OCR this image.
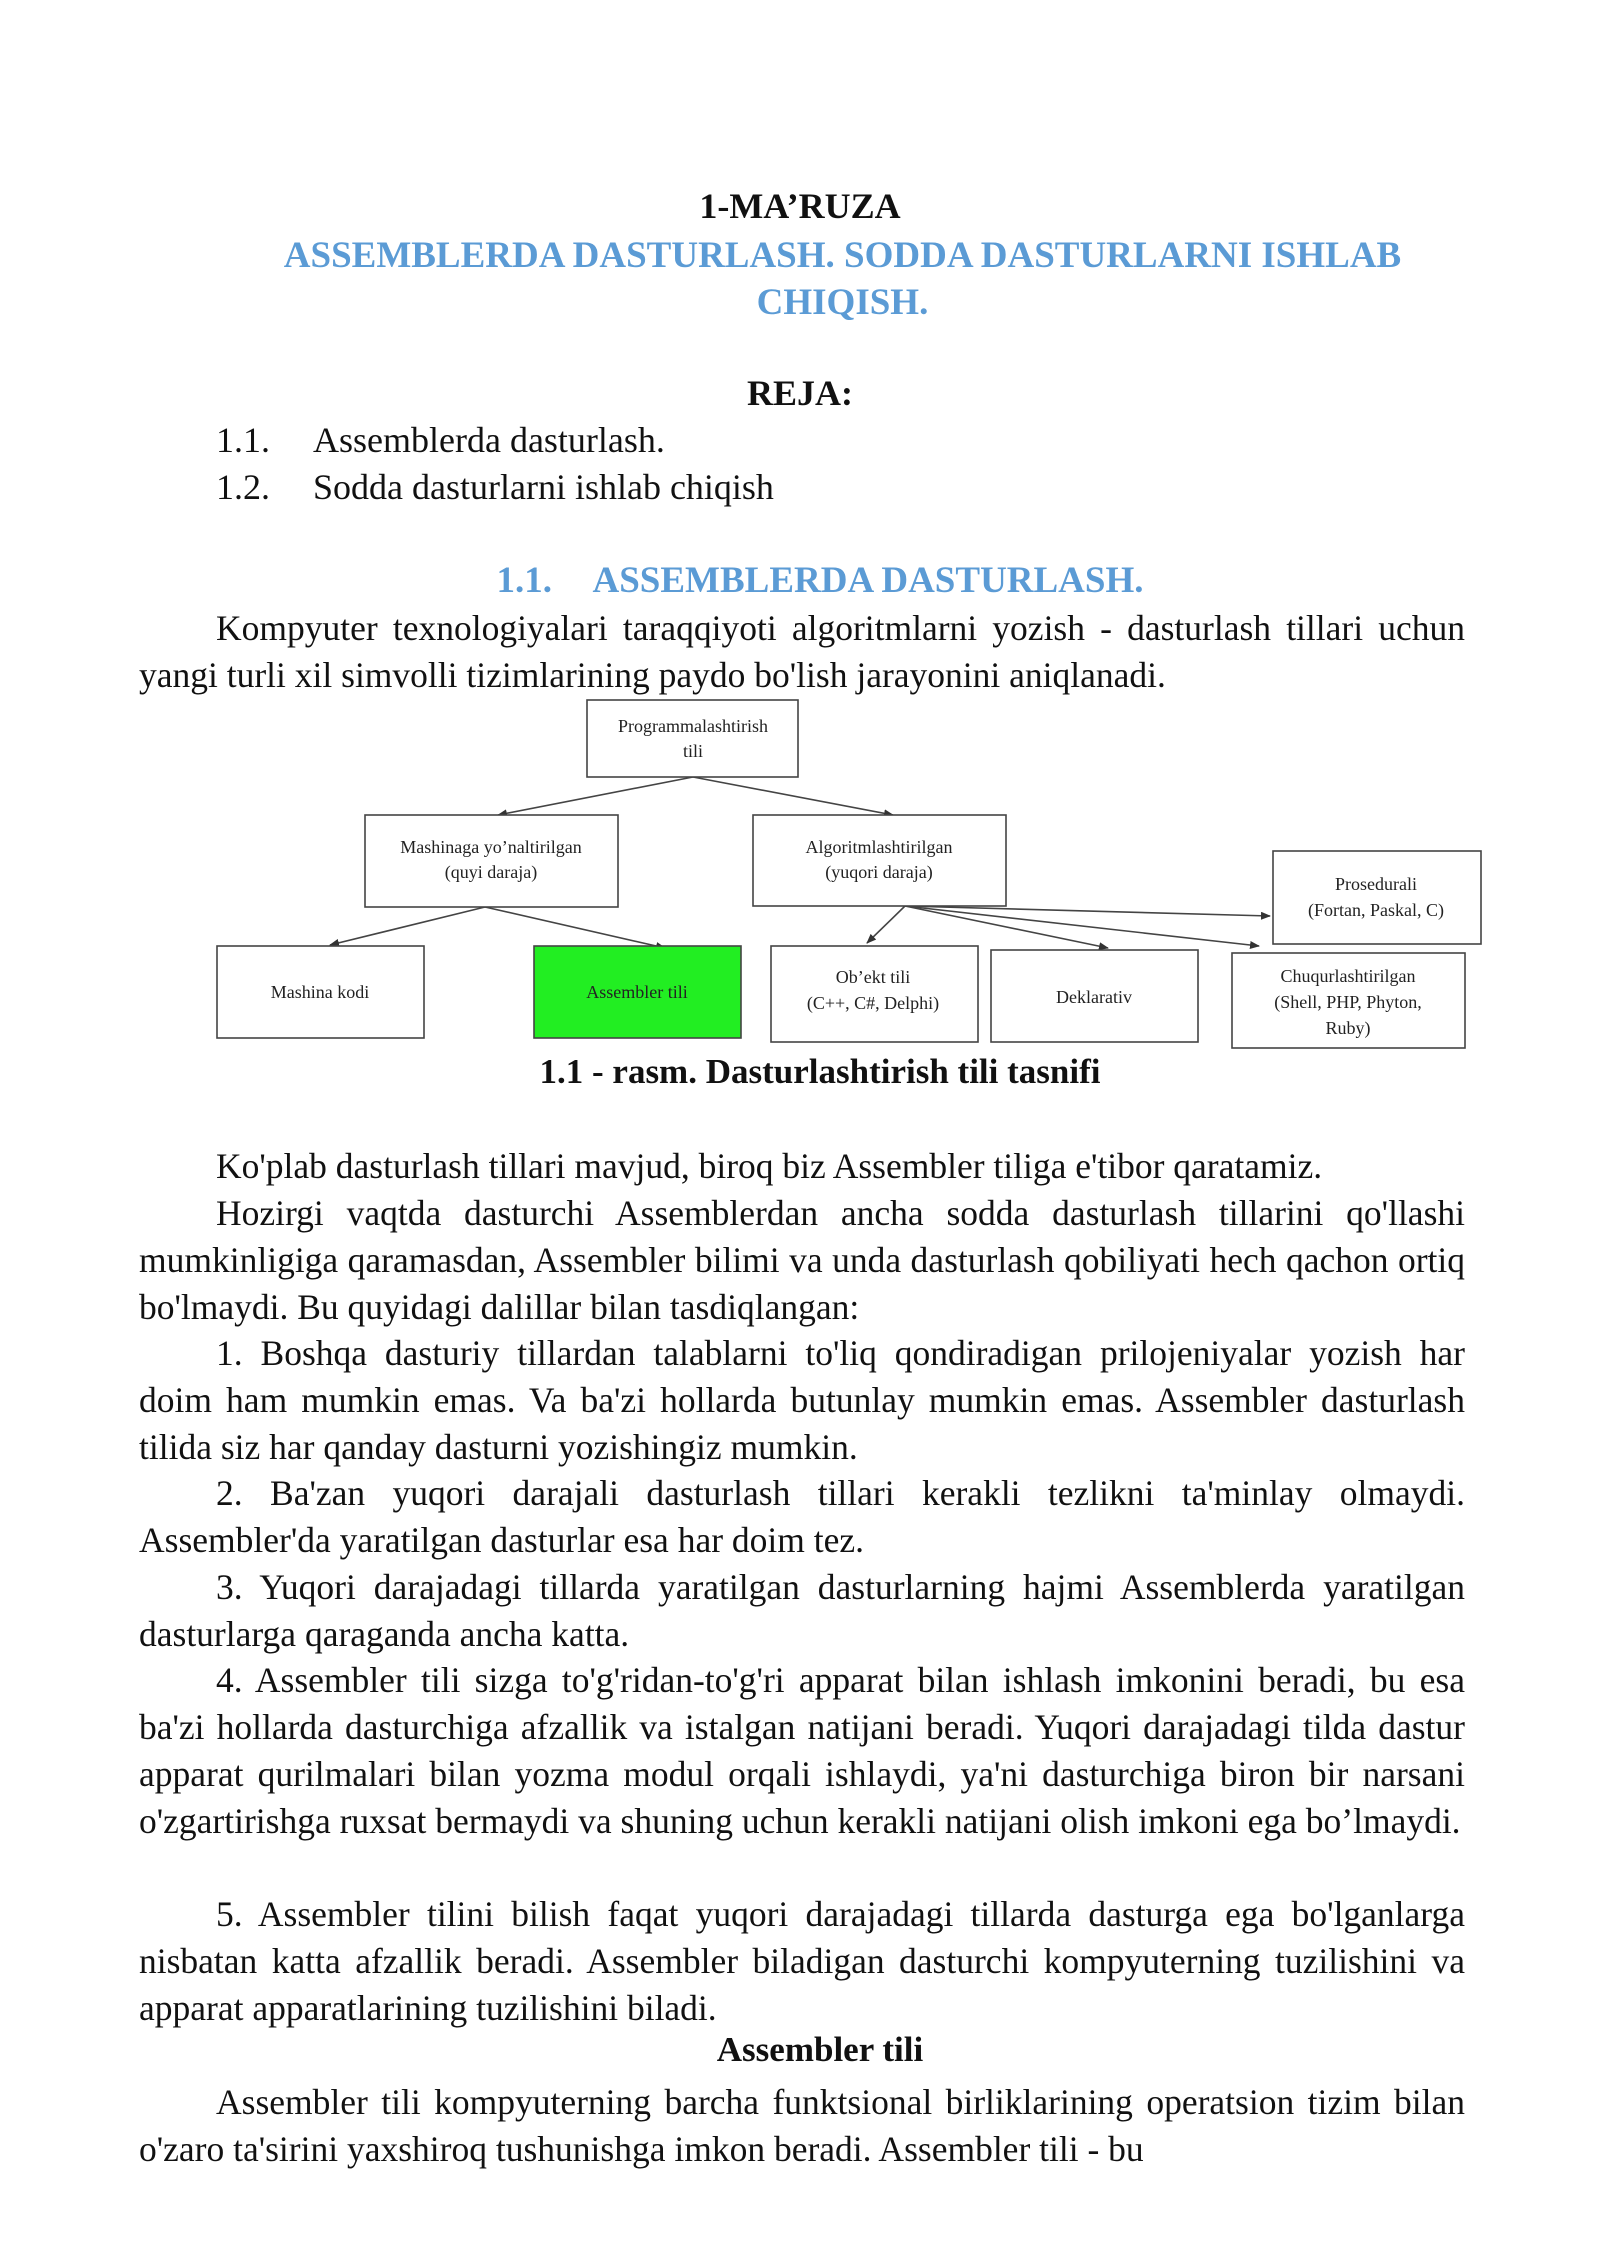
1-MA’RUZA
ASSEMBLERDA DASTURLASH. SODDA DASTURLARNI ISHLAB CHIQISH.
REJA:
1.1. Assemblerda dasturlash.
1.2. Sodda dasturlarni ishlab chiqish
1.1. ASSEMBLERDA DASTURLASH.

Kompyuter texnologiyalari taraqqiyoti algoritmlarni yozish - dasturlash tillari uchun yangi turli xil simvolli tizimlarining paydo bo'lish jarayonini aniqlanadi.

Programmalashtirish tili
Mashinaga yo’naltirilgan (quyi daraja)
Algoritmlashtirilgan (yuqori daraja)
Prosedurali (Fortan, Paskal, C)
Mashina kodi	Assembler tili
Ob’ekt tili (C++, C#, Delphi)	Deklarativ
Chuqurlashtirilgan (Shell, PHP, Phyton, Ruby)
1.1 - rasm. Dasturlashtirish tili tasnifi

Ko'plab dasturlash tillari mavjud, biroq biz Assembler tiliga e'tibor qaratamiz.

Hozirgi vaqtda dasturchi Assemblerdan ancha sodda dasturlash tillarini qo'llashi mumkinligiga qaramasdan, Assembler bilimi va unda dasturlash qobiliyati hech qachon ortiq bo'lmaydi. Bu quyidagi dalillar bilan tasdiqlangan:

1. Boshqa dasturiy tillardan talablarni to'liq qondiradigan prilojeniyalar yozish har doim ham mumkin emas. Va ba'zi hollarda butunlay mumkin emas. Assembler dasturlash tilida siz har qanday dasturni yozishingiz mumkin.

2. Ba'zan yuqori darajali dasturlash tillari kerakli tezlikni ta'minlay olmaydi. Assembler'da yaratilgan dasturlar esa har doim tez.

3. Yuqori darajadagi tillarda yaratilgan dasturlarning hajmi Assemblerda yaratilgan dasturlarga qaraganda ancha katta.

4. Assembler tili sizga to'g'ridan-to'g'ri apparat bilan ishlash imkonini beradi, bu esa ba'zi hollarda dasturchiga afzallik va istalgan natijani beradi. Yuqori darajadagi tilda dastur apparat qurilmalari bilan yozma modul orqali ishlaydi, ya'ni dasturchiga biron bir narsani o'zgartirishga ruxsat bermaydi va shuning uchun kerakli natijani olish imkoni ega bo’lmaydi.

5. Assembler tilini bilish faqat yuqori darajadagi tillarda dasturga ega bo'lganlarga nisbatan katta afzallik beradi. Assembler biladigan dasturchi kompyuterning tuzilishini va apparat apparatlarining tuzilishini biladi.

Assembler tili

Assembler tili kompyuterning barcha funktsional birliklarining operatsion tizim bilan o'zaro ta'sirini yaxshiroq tushunishga imkon beradi. Assembler tili - bu
